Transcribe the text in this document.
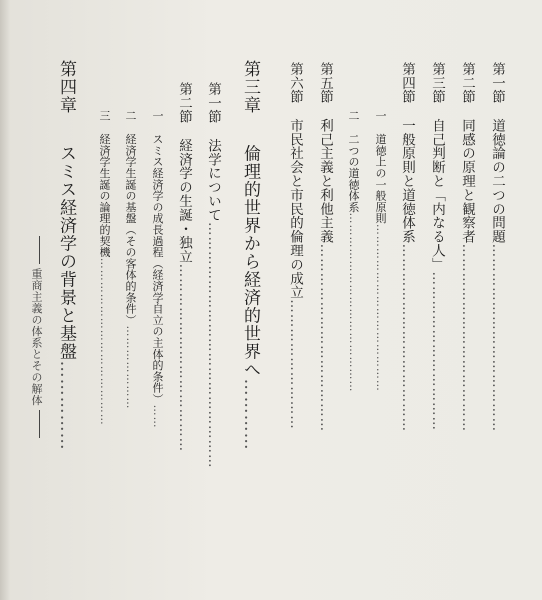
第一節道徳論の二つの問題…………………………………
第二節同感の原理と観察者…………………………………
第三節自己判断と「内なる人」……………………………
第四節一般原則と道徳体系…………………………………
一道徳上の一般原則……………………………………
二二つの道徳体系………………………………………
第五節利己主義と利他主義…………………………………
第六節市民社会と市民的倫理の成立………………………
第三章倫理的世界から経済的世界へ…………
第一節法学について……………………………………………
第二節経済学の生誕・独立…………………………………
一スミス経済学の成長過程（経済学自立の主体的条件）……
二経済学生誕の基盤（その客体的条件）…………………
三経済学生誕の論理的契機……………………………………
第四章スミス経済学の背景と基盤……………
重商主義の体系とその解体
